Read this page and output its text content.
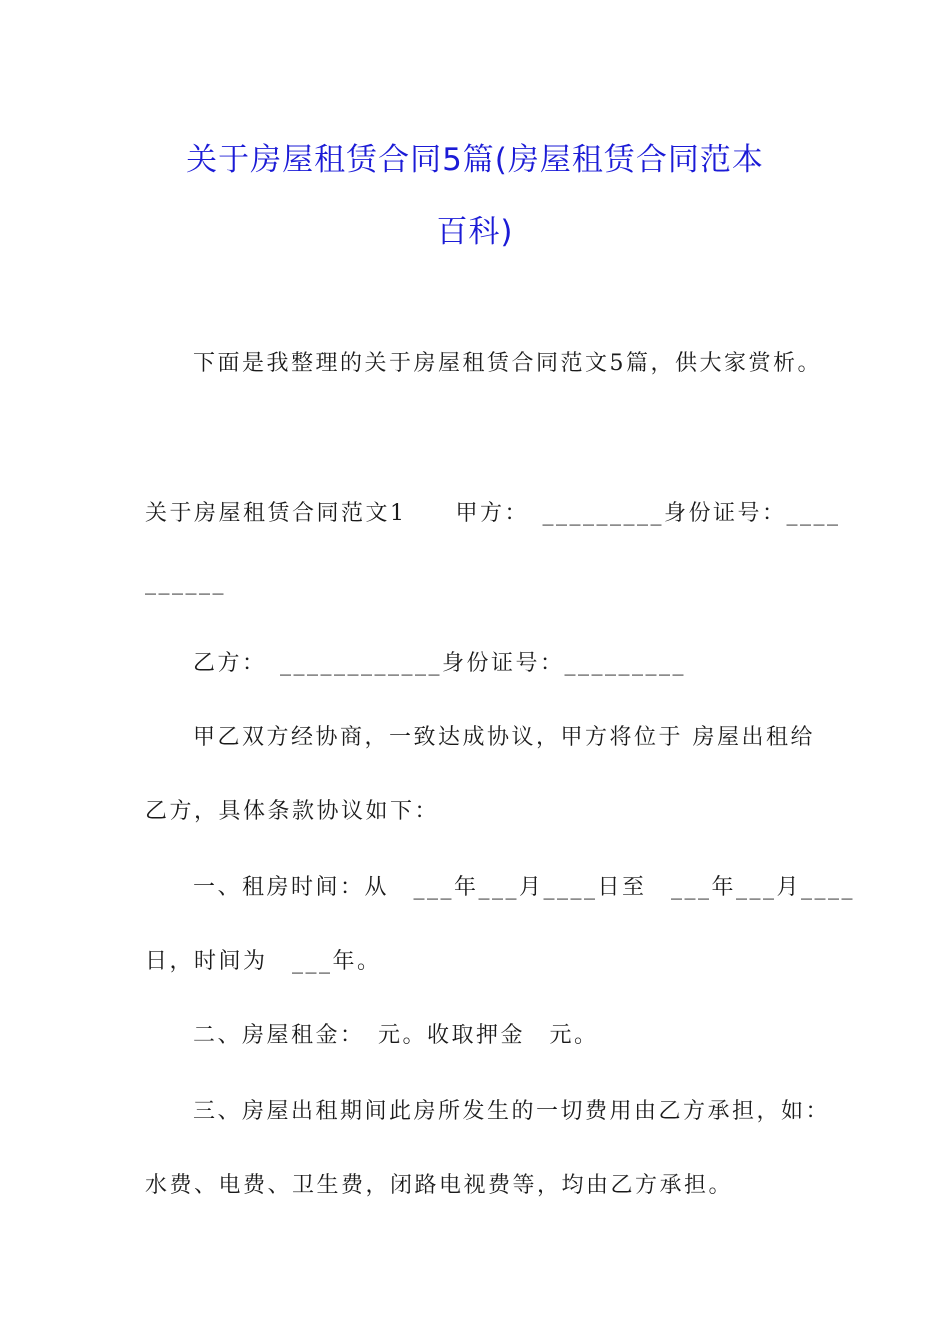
关于房屋租赁合同5篇(房屋租赁合同范本
百科)
下面是我整理的关于房屋租赁合同范文5篇，供大家赏析。
关于房屋租赁合同范文1　　甲方：　_________身份证号：____
______
乙方：　____________身份证号：_________
甲乙双方经协商，一致达成协议，甲方将位于 房屋出租给
乙方，具体条款协议如下：
一、租房时间：从　___年___月____日至　___年___月____
日，时间为　___年。
二、房屋租金：　元。收取押金　元。
三、房屋出租期间此房所发生的一切费用由乙方承担，如：
水费、电费、卫生费，闭路电视费等，均由乙方承担。
